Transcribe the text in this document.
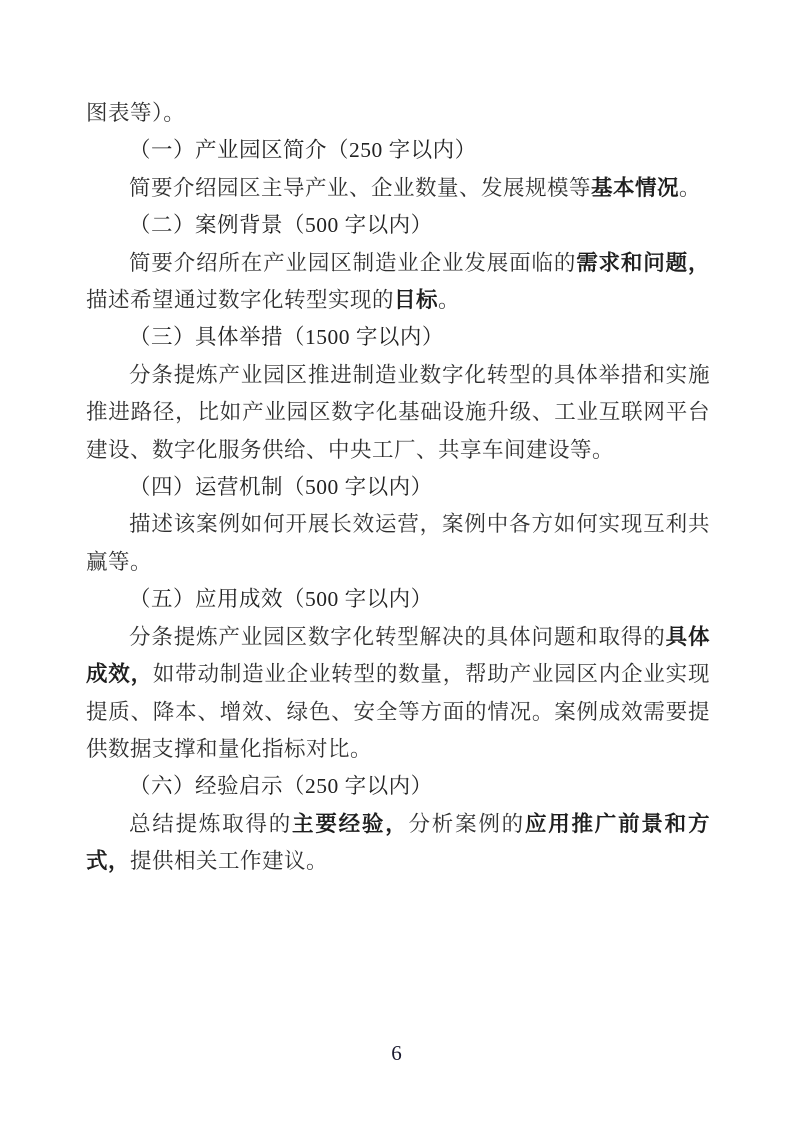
图表等）。

（一）产业园区简介（250 字以内）

简要介绍园区主导产业、企业数量、发展规模等基本情况。

（二）案例背景（500 字以内）

简要介绍所在产业园区制造业企业发展面临的需求和问题，描述希望通过数字化转型实现的目标。

（三）具体举措（1500 字以内）

分条提炼产业园区推进制造业数字化转型的具体举措和实施推进路径，比如产业园区数字化基础设施升级、工业互联网平台建设、数字化服务供给、中央工厂、共享车间建设等。

（四）运营机制（500 字以内）

描述该案例如何开展长效运营，案例中各方如何实现互利共赢等。

（五）应用成效（500 字以内）

分条提炼产业园区数字化转型解决的具体问题和取得的具体成效，如带动制造业企业转型的数量，帮助产业园区内企业实现提质、降本、增效、绿色、安全等方面的情况。案例成效需要提供数据支撑和量化指标对比。

（六）经验启示（250 字以内）

总结提炼取得的主要经验，分析案例的应用推广前景和方式，提供相关工作建议。

6
